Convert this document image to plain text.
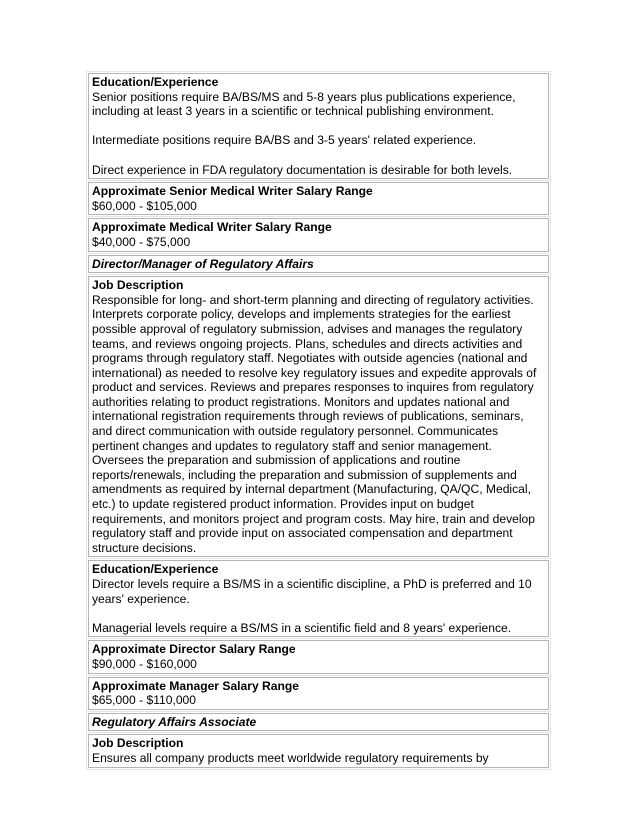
Education/Experience

Senior positions require BA/BS/MS and 5-8 years plus publications experience, including at least 3 years in a scientific or technical publishing environment.

Intermediate positions require BA/BS and 3-5 years' related experience.

Direct experience in FDA regulatory documentation is desirable for both levels.

Approximate Senior Medical Writer Salary Range
$60,000 - $105,000
Approximate Medical Writer Salary Range
$40,000 - $75,000
Director/Manager of Regulatory Affairs
Job Description

Responsible for long- and short-term planning and directing of regulatory activities. Interprets corporate policy, develops and implements strategies for the earliest possible approval of regulatory submission, advises and manages the regulatory teams, and reviews ongoing projects. Plans, schedules and directs activities and programs through regulatory staff. Negotiates with outside agencies (national and international) as needed to resolve key regulatory issues and expedite approvals of product and services. Reviews and prepares responses to inquires from regulatory authorities relating to product registrations. Monitors and updates national and international registration requirements through reviews of publications, seminars, and direct communication with outside regulatory personnel. Communicates pertinent changes and updates to regulatory staff and senior management. Oversees the preparation and submission of applications and routine reports/renewals, including the preparation and submission of supplements and amendments as required by internal department (Manufacturing, QA/QC, Medical, etc.) to update registered product information. Provides input on budget requirements, and monitors project and program costs. May hire, train and develop regulatory staff and provide input on associated compensation and department structure decisions.

Education/Experience

Director levels require a BS/MS in a scientific discipline, a PhD is preferred and 10 years' experience.

Managerial levels require a BS/MS in a scientific field and 8 years' experience.

Approximate Director Salary Range
$90,000 - $160,000
Approximate Manager Salary Range
$65,000 - $110,000
Regulatory Affairs Associate
Job Description

Ensures all company products meet worldwide regulatory requirements by
